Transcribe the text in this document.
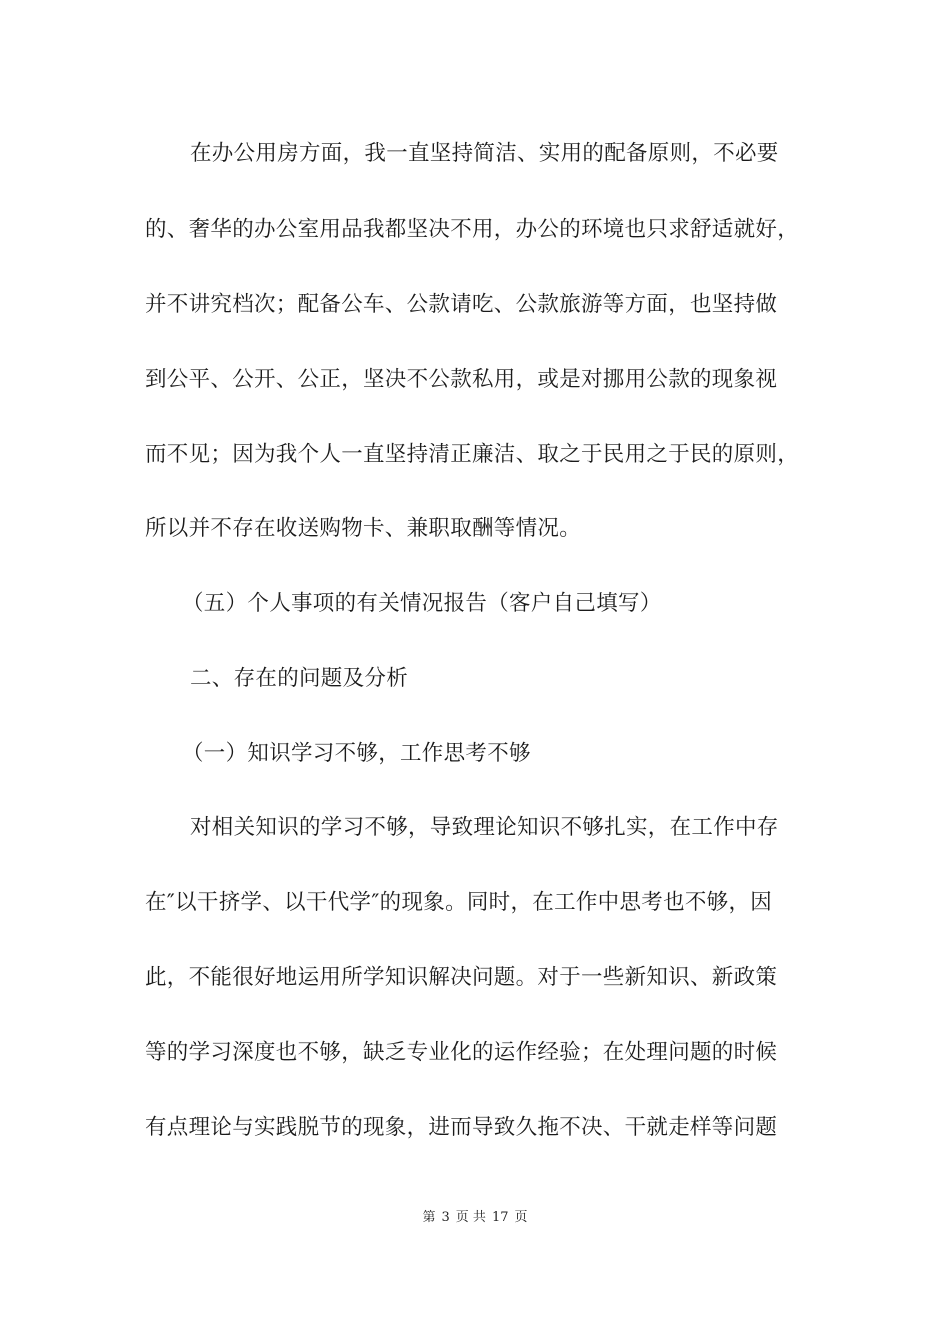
在办公用房方面，我一直坚持简洁、实用的配备原则，不必要
的、奢华的办公室用品我都坚决不用，办公的环境也只求舒适就好，
并不讲究档次；配备公车、公款请吃、公款旅游等方面，也坚持做
到公平、公开、公正，坚决不公款私用，或是对挪用公款的现象视
而不见；因为我个人一直坚持清正廉洁、取之于民用之于民的原则，
所以并不存在收送购物卡、兼职取酬等情况。
（五）个人事项的有关情况报告（客户自己填写）
二、存在的问题及分析
（一）知识学习不够，工作思考不够
对相关知识的学习不够，导致理论知识不够扎实，在工作中存
在″以干挤学、以干代学″的现象。同时，在工作中思考也不够，因
此，不能很好地运用所学知识解决问题。对于一些新知识、新政策
等的学习深度也不够，缺乏专业化的运作经验；在处理问题的时候
有点理论与实践脱节的现象，进而导致久拖不决、干就走样等问题
第 3 页 共 17 页
